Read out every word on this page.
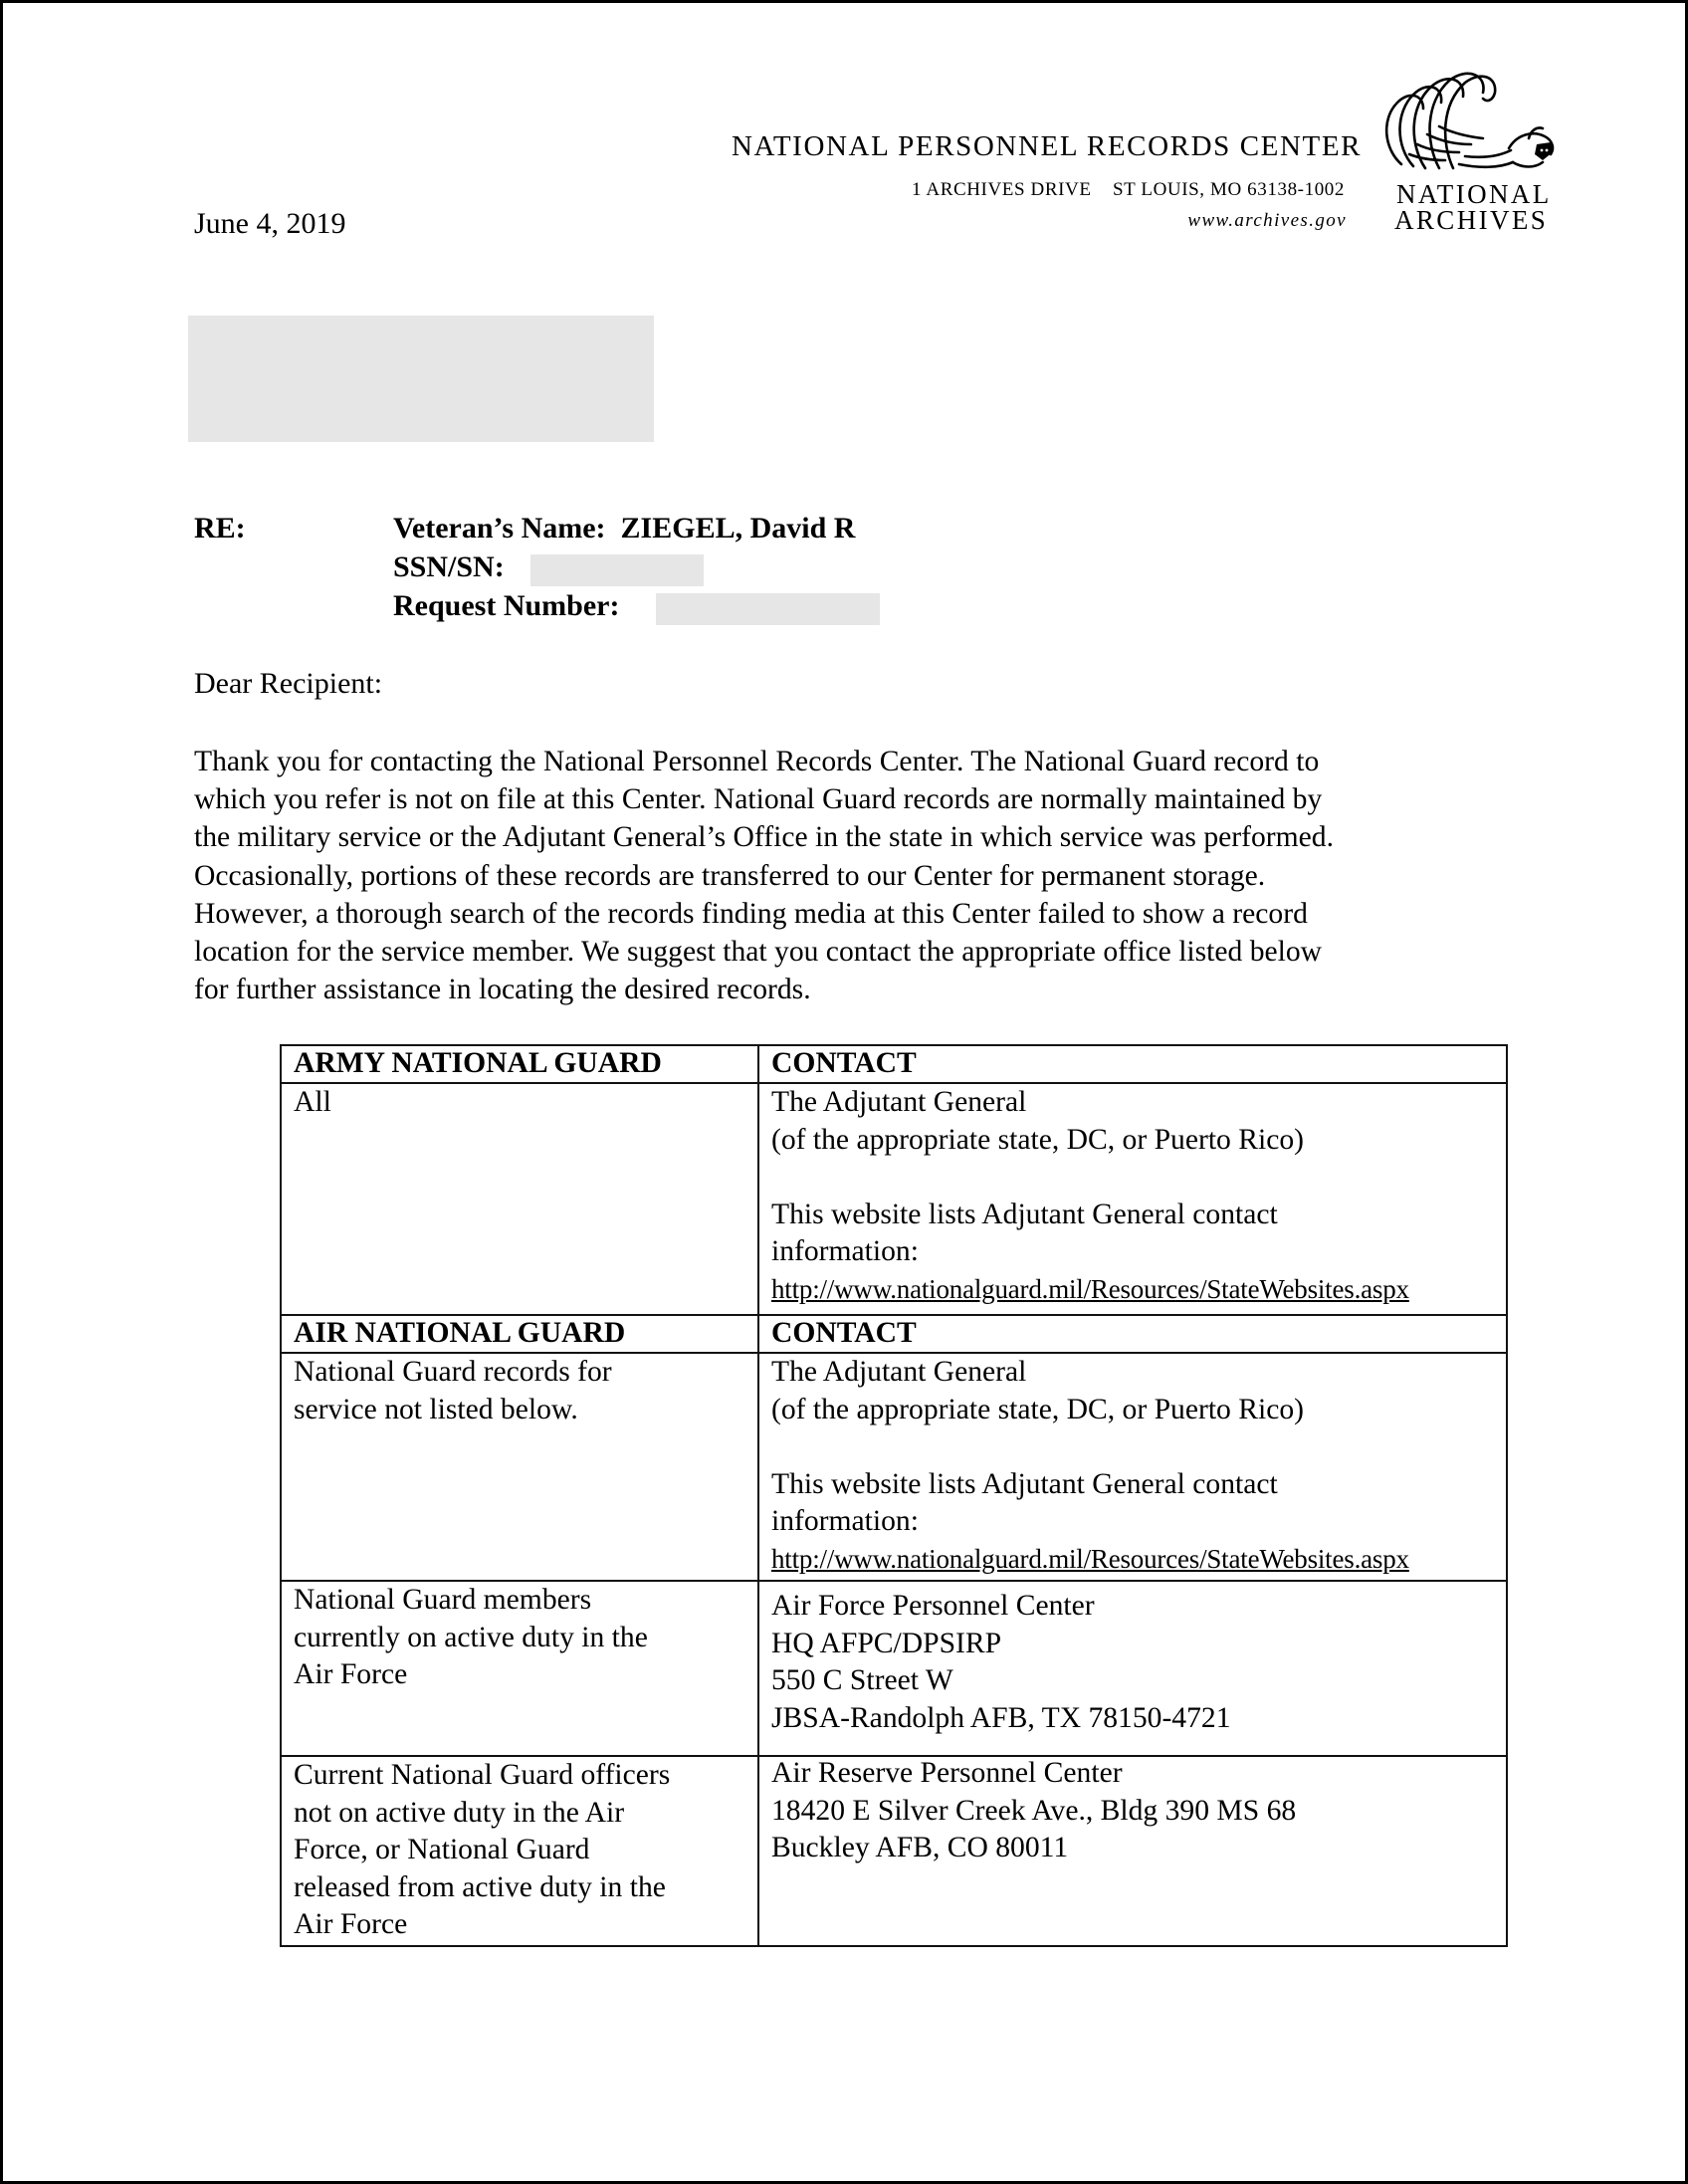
NATIONAL PERSONNEL RECORDS CENTER
1 ARCHIVES DRIVE    ST LOUIS, MO 63138-1002
www.archives.gov
NATIONAL
ARCHIVES
June 4, 2019
RE:	Veteran’s Name: ZIEGEL, David R
SSN/SN:
Request Number:
Dear Recipient:
Thank you for contacting the National Personnel Records Center. The National Guard record to
which you refer is not on file at this Center. National Guard records are normally maintained by
the military service or the Adjutant General’s Office in the state in which service was performed.
Occasionally, portions of these records are transferred to our Center for permanent storage.
However, a thorough search of the records finding media at this Center failed to show a record
location for the service member. We suggest that you contact the appropriate office listed below
for further assistance in locating the desired records.
ARMY NATIONAL GUARD	CONTACT

All	The Adjutant General
(of the appropriate state, DC, or Puerto Rico)
This website lists Adjutant General contact
information:
http://www.nationalguard.mil/Resources/StateWebsites.aspx

AIR NATIONAL GUARD	CONTACT

National Guard records for
service not listed below.	The Adjutant General
(of the appropriate state, DC, or Puerto Rico)
This website lists Adjutant General contact
information:
http://www.nationalguard.mil/Resources/StateWebsites.aspx

National Guard members
currently on active duty in the
Air Force	Air Force Personnel Center
HQ AFPC/DPSIRP
550 C Street W
JBSA-Randolph AFB, TX 78150-4721

Current National Guard officers
not on active duty in the Air
Force, or National Guard
released from active duty in the
Air Force	Air Reserve Personnel Center
18420 E Silver Creek Ave., Bldg 390 MS 68
Buckley AFB, CO 80011
